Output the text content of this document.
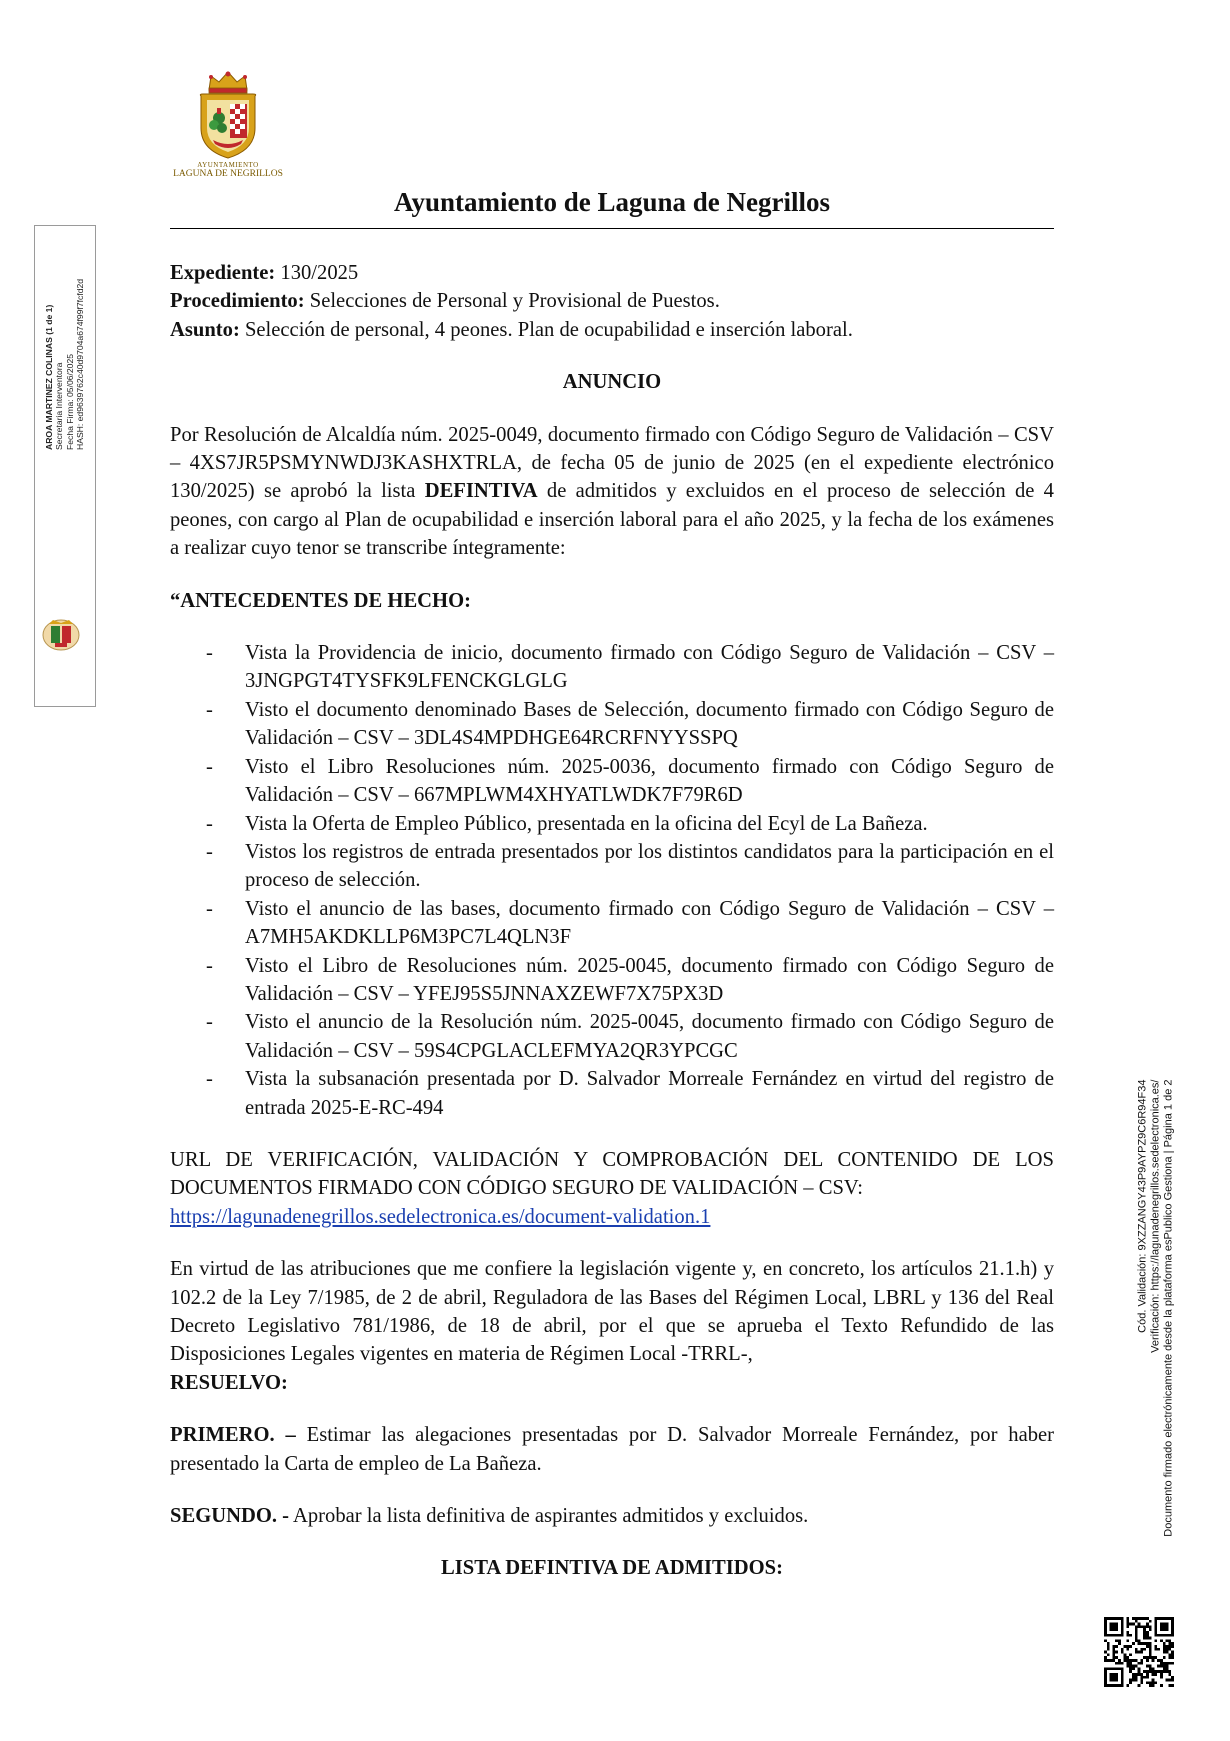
AYUNTAMIENTO
LAGUNA DE NEGRILLOS
Ayuntamiento de Laguna de Negrillos
AROA MARTINEZ COLINAS (1 de 1) Secretaria Interventora Fecha Firma: 05/06/2025 HASH: ed9639762c40d9704a674f99f7fcfd2d
Cód. Validación: 9XZZANGY43P9AYPZ9C6R94F34 Verificación: https://lagunadenegrillos.sedelectronica.es/ Documento firmado electrónicamente desde la plataforma esPublico Gestiona | Página 1 de 2

Expediente: 130/2025

Procedimiento: Selecciones de Personal y Provisional de Puestos.

Asunto: Selección de personal, 4 peones. Plan de ocupabilidad e inserción laboral.

ANUNCIO

Por Resolución de Alcaldía núm. 2025-0049, documento firmado con Código Seguro de Validación – CSV – 4XS7JR5PSMYNWDJ3KASHXTRLA, de fecha 05 de junio de 2025 (en el expediente electrónico 130/2025) se aprobó la lista DEFINTIVA de admitidos y excluidos en el proceso de selección de 4 peones, con cargo al Plan de ocupabilidad e inserción laboral para el año 2025, y la fecha de los exámenes a realizar cuyo tenor se transcribe íntegramente:

“ANTECEDENTES DE HECHO:

- Vista la Providencia de inicio, documento firmado con Código Seguro de Validación – CSV – 3JNGPGT4TYSFK9LFENCKGLGLG
- Visto el documento denominado Bases de Selección, documento firmado con Código Seguro de Validación – CSV – 3DL4S4MPDHGE64RCRFNYYSSPQ
- Visto el Libro Resoluciones núm. 2025-0036, documento firmado con Código Seguro de Validación – CSV – 667MPLWM4XHYATLWDK7F79R6D
- Vista la Oferta de Empleo Público, presentada en la oficina del Ecyl de La Bañeza.
- Vistos los registros de entrada presentados por los distintos candidatos para la participación en el proceso de selección.
- Visto el anuncio de las bases, documento firmado con Código Seguro de Validación – CSV – A7MH5AKDKLLP6M3PC7L4QLN3F
- Visto el Libro de Resoluciones núm. 2025-0045, documento firmado con Código Seguro de Validación – CSV – YFEJ95S5JNNAXZEWF7X75PX3D
- Visto el anuncio de la Resolución núm. 2025-0045, documento firmado con Código Seguro de Validación – CSV – 59S4CPGLACLEFMYA2QR3YPCGC
- Vista la subsanación presentada por D. Salvador Morreale Fernández en virtud del registro de entrada 2025-E-RC-494

URL DE VERIFICACIÓN, VALIDACIÓN Y COMPROBACIÓN DEL CONTENIDO DE LOS DOCUMENTOS FIRMADO CON CÓDIGO SEGURO DE VALIDACIÓN – CSV:
https://lagunadenegrillos.sedelectronica.es/document-validation.1

En virtud de las atribuciones que me confiere la legislación vigente y, en concreto, los artículos 21.1.h) y 102.2 de la Ley 7/1985, de 2 de abril, Reguladora de las Bases del Régimen Local, LBRL y 136 del Real Decreto Legislativo 781/1986, de 18 de abril, por el que se aprueba el Texto Refundido de las Disposiciones Legales vigentes en materia de Régimen Local -TRRL-,
RESUELVO:

PRIMERO. – Estimar las alegaciones presentadas por D. Salvador Morreale Fernández, por haber presentado la Carta de empleo de La Bañeza.

SEGUNDO. - Aprobar la lista definitiva de aspirantes admitidos y excluidos.

LISTA DEFINTIVA DE ADMITIDOS:
